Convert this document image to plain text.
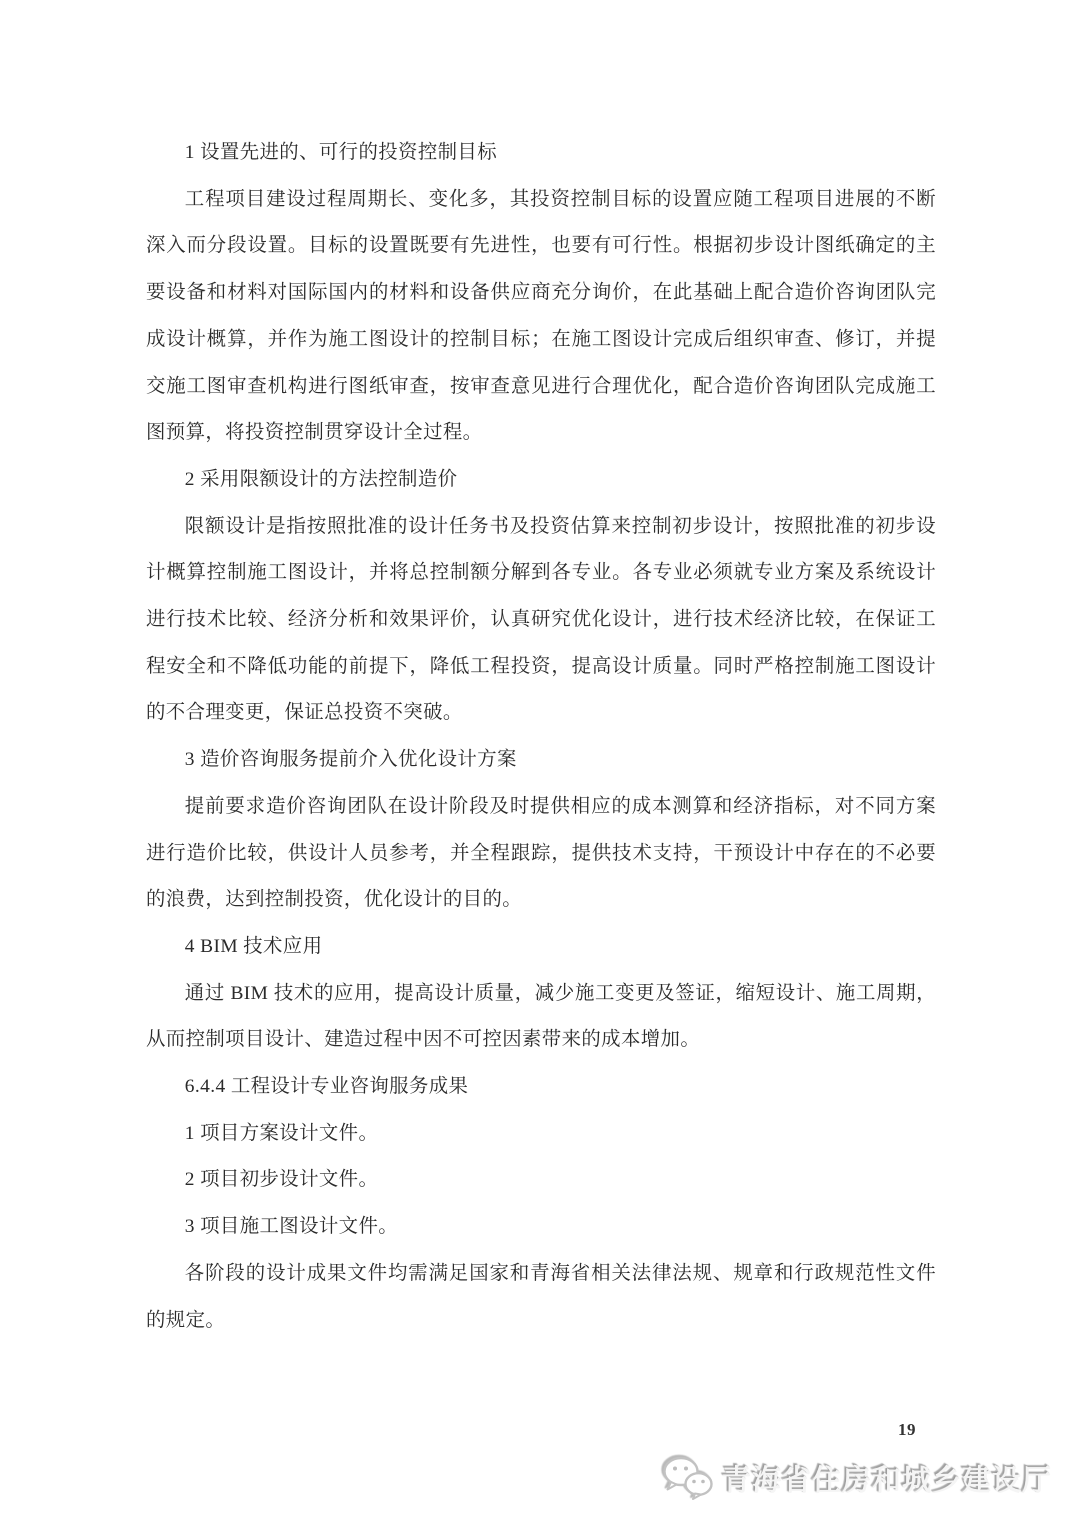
1 设置先进的、可行的投资控制目标

工程项目建设过程周期长、变化多，其投资控制目标的设置应随工程项目进展的不断深入而分段设置。目标的设置既要有先进性，也要有可行性。根据初步设计图纸确定的主要设备和材料对国际国内的材料和设备供应商充分询价，在此基础上配合造价咨询团队完成设计概算，并作为施工图设计的控制目标；在施工图设计完成后组织审查、修订，并提交施工图审查机构进行图纸审查，按审查意见进行合理优化，配合造价咨询团队完成施工图预算，将投资控制贯穿设计全过程。

2 采用限额设计的方法控制造价

限额设计是指按照批准的设计任务书及投资估算来控制初步设计，按照批准的初步设计概算控制施工图设计，并将总控制额分解到各专业。各专业必须就专业方案及系统设计进行技术比较、经济分析和效果评价，认真研究优化设计，进行技术经济比较，在保证工程安全和不降低功能的前提下，降低工程投资，提高设计质量。同时严格控制施工图设计的不合理变更，保证总投资不突破。

3 造价咨询服务提前介入优化设计方案

提前要求造价咨询团队在设计阶段及时提供相应的成本测算和经济指标，对不同方案进行造价比较，供设计人员参考，并全程跟踪，提供技术支持，干预设计中存在的不必要的浪费，达到控制投资，优化设计的目的。

4 BIM 技术应用

通过 BIM 技术的应用，提高设计质量，减少施工变更及签证，缩短设计、施工周期，从而控制项目设计、建造过程中因不可控因素带来的成本增加。

6.4.4 工程设计专业咨询服务成果

1 项目方案设计文件。

2 项目初步设计文件。

3 项目施工图设计文件。

各阶段的设计成果文件均需满足国家和青海省相关法律法规、规章和行政规范性文件的规定。

19
青海省住房和城乡建设厅
